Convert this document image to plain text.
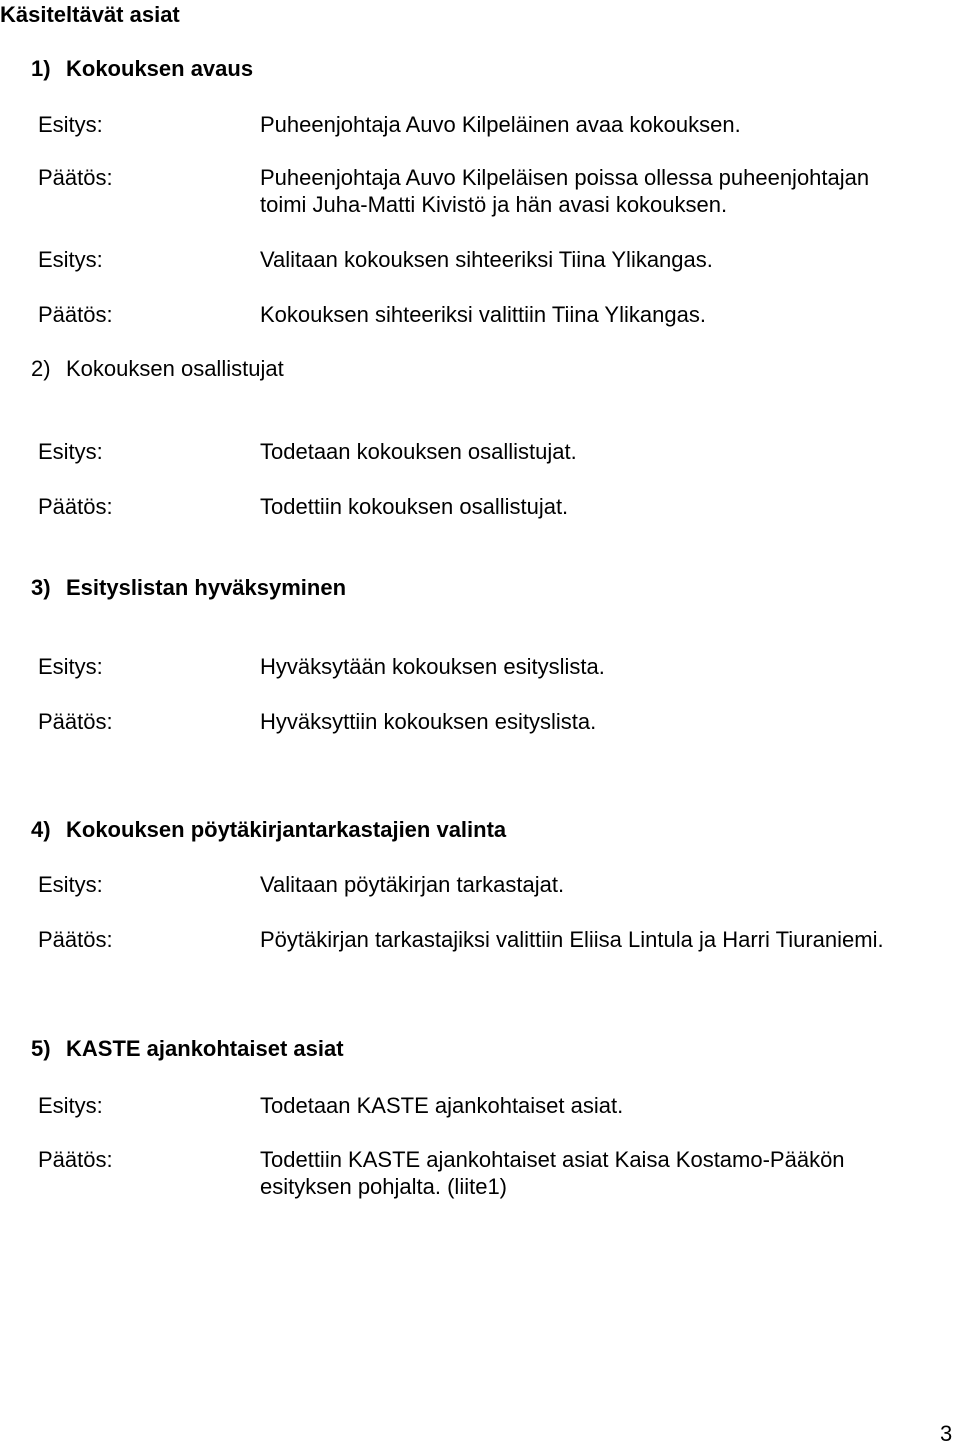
Käsiteltävät asiat
1) Kokouksen avaus
Esitys:	Puheenjohtaja Auvo Kilpeläinen avaa kokouksen.
Päätös:	Puheenjohtaja Auvo Kilpeläisen poissa ollessa puheenjohtajan
toimi Juha-Matti Kivistö ja hän avasi kokouksen.
Esitys:	Valitaan kokouksen sihteeriksi Tiina Ylikangas.
Päätös:	Kokouksen sihteeriksi valittiin Tiina Ylikangas.
2) Kokouksen osallistujat
Esitys:	Todetaan kokouksen osallistujat.
Päätös:	Todettiin kokouksen osallistujat.
3) Esityslistan hyväksyminen
Esitys:	Hyväksytään kokouksen esityslista.
Päätös:	Hyväksyttiin kokouksen esityslista.
4) Kokouksen pöytäkirjantarkastajien valinta
Esitys:	Valitaan pöytäkirjan tarkastajat.
Päätös:	Pöytäkirjan tarkastajiksi valittiin Eliisa Lintula ja Harri Tiuraniemi.
5) KASTE ajankohtaiset asiat
Esitys:	Todetaan KASTE ajankohtaiset asiat.
Päätös:	Todettiin KASTE ajankohtaiset asiat Kaisa Kostamo-Pääkön
esityksen pohjalta. (liite1)
3
